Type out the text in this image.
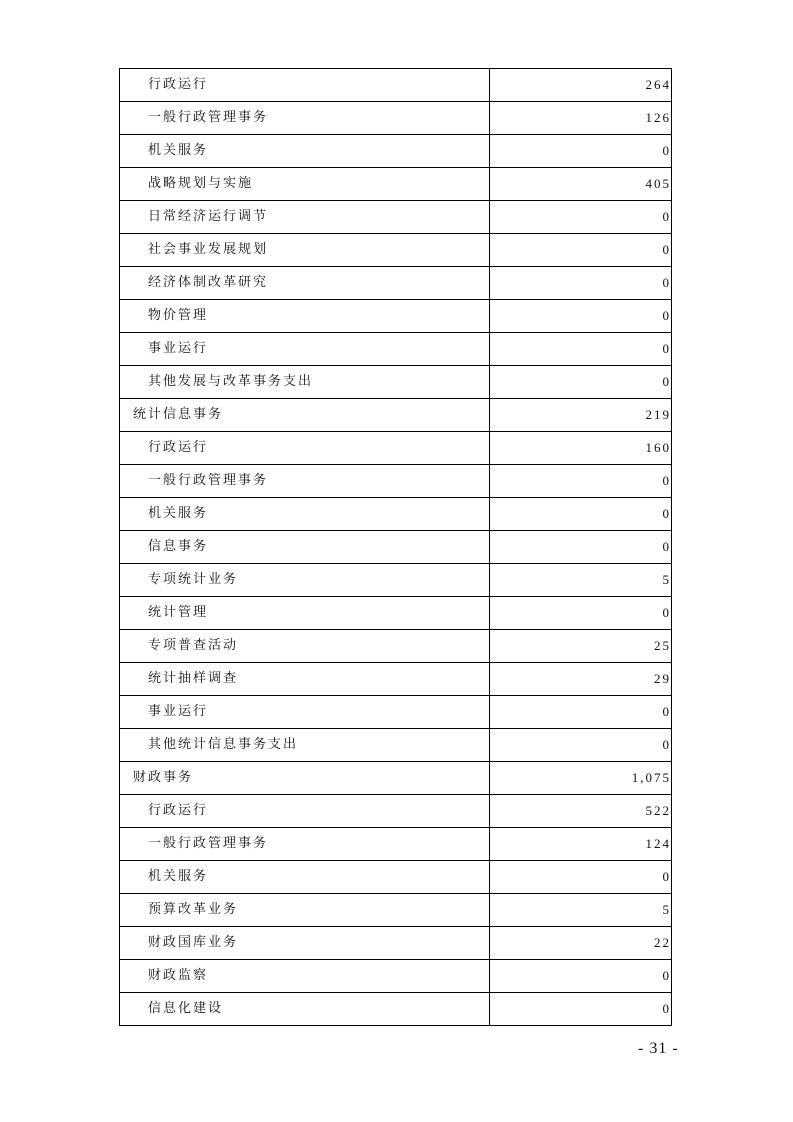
行政运行	264
一般行政管理事务	126
机关服务	0
战略规划与实施	405
日常经济运行调节	0
社会事业发展规划	0
经济体制改革研究	0
物价管理	0
事业运行	0
其他发展与改革事务支出	0
统计信息事务	219
行政运行	160
一般行政管理事务	0
机关服务	0
信息事务	0
专项统计业务	5
统计管理	0
专项普查活动	25
统计抽样调查	29
事业运行	0
其他统计信息事务支出	0
财政事务	1,075
行政运行	522
一般行政管理事务	124
机关服务	0
预算改革业务	5
财政国库业务	22
财政监察	0
信息化建设	0
- 31 -
